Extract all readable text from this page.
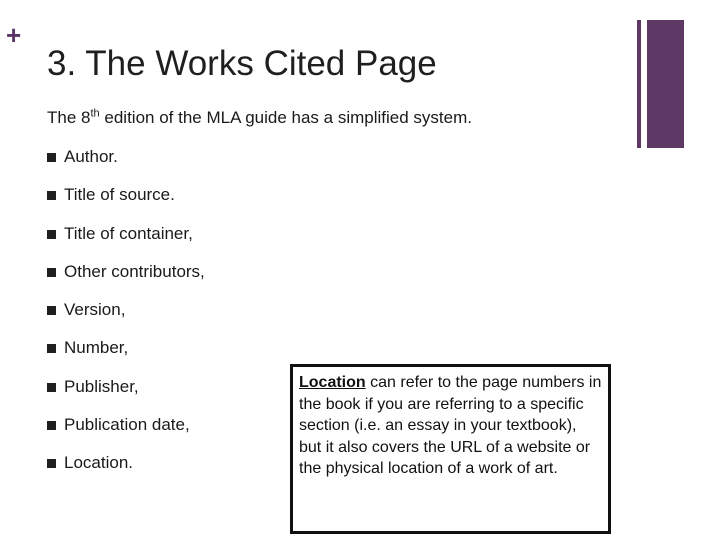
+
3. The Works Cited Page

The 8th edition of the MLA guide has a simplified system.

Author.
Title of source.
Title of container,
Other contributors,
Version,
Number,
Publisher,
Publication date,
Location.
Location can refer to the page numbers in the book if you are referring to a specific section (i.e. an essay in your textbook), but it also covers the URL of a website or the physical location of a work of art.
